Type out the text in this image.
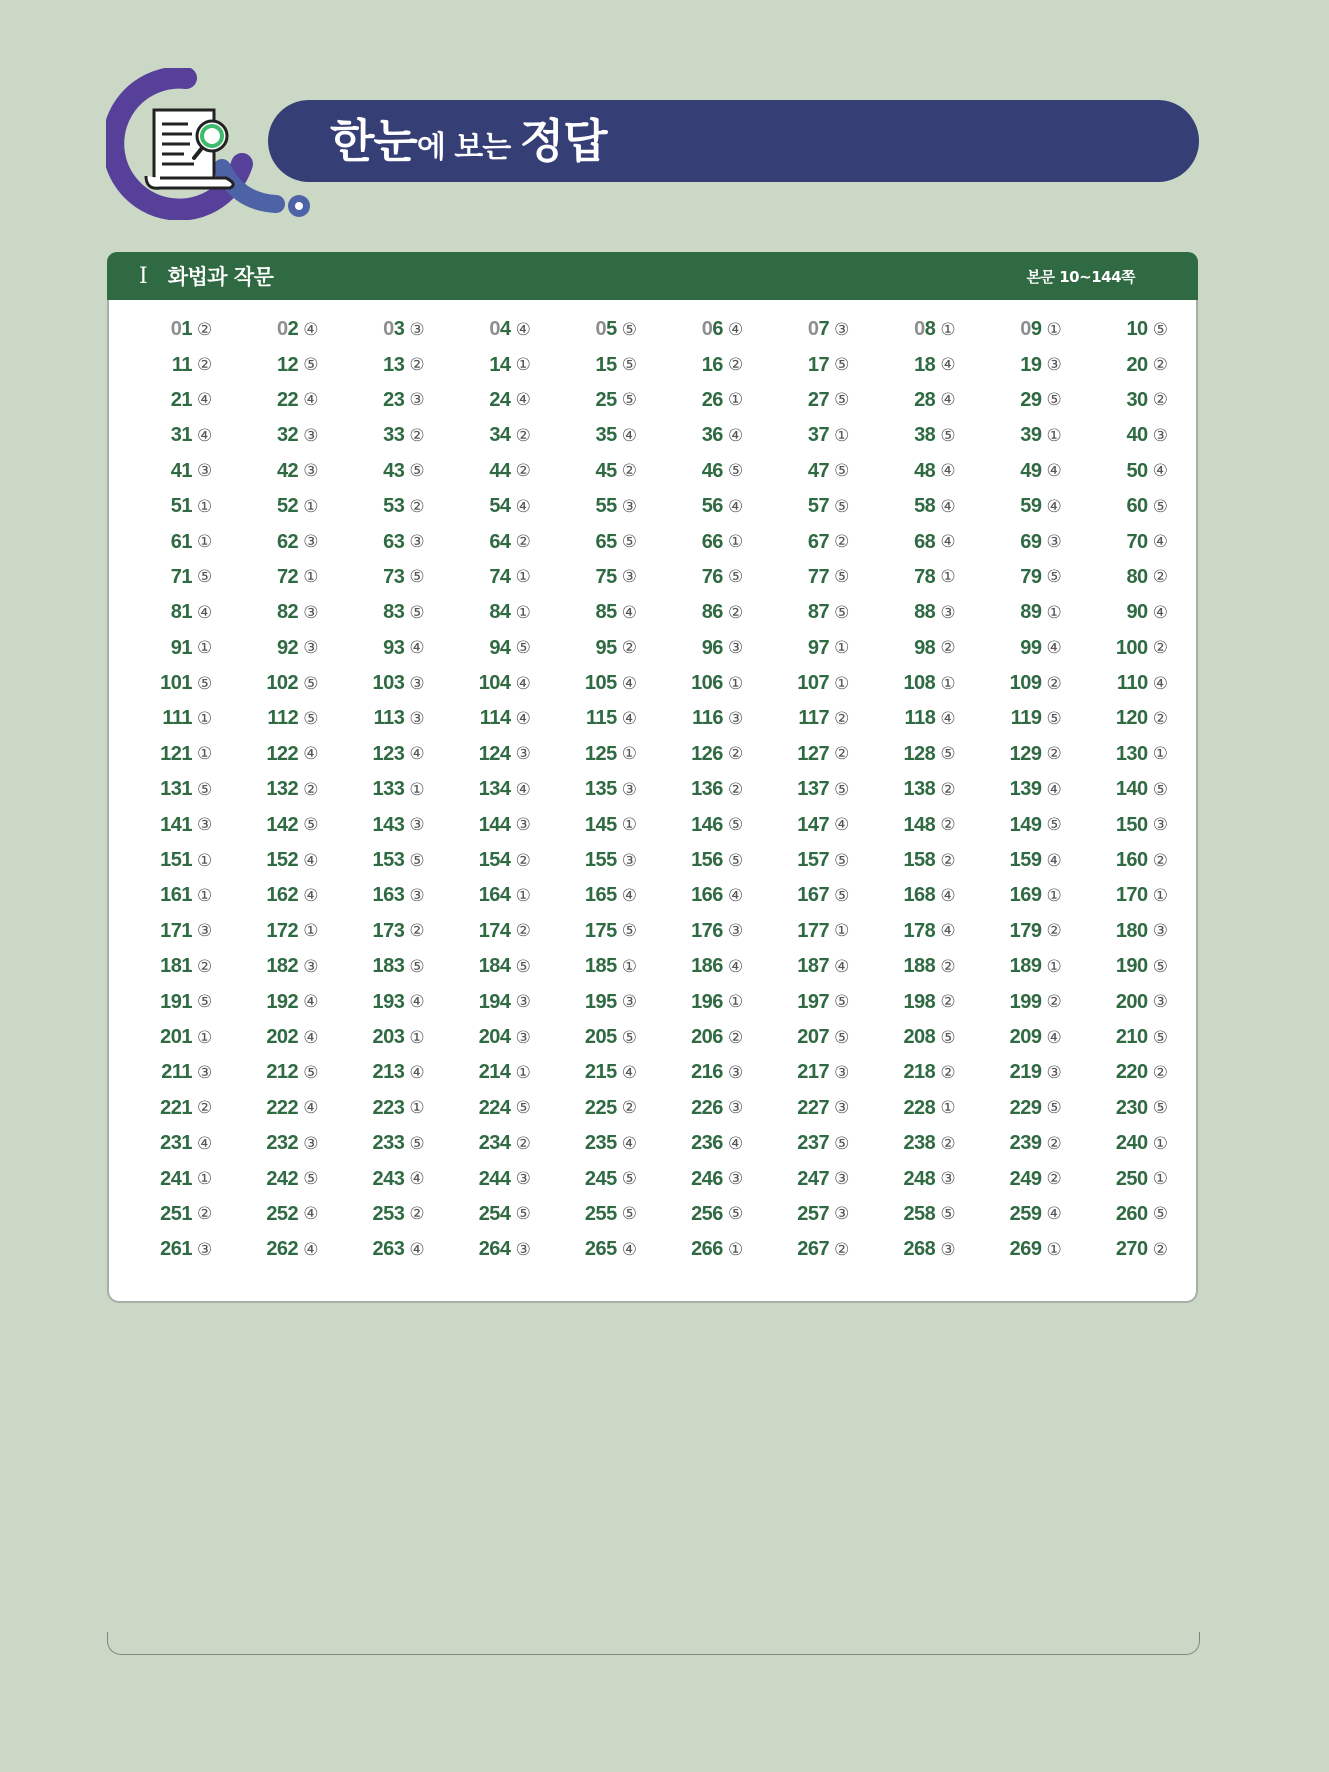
한눈에 보는 정답
Ⅰ 화법과 작문	본문 10~144쪽
01 ②	02 ④	03 ③	04 ④	05 ⑤	06 ④	07 ③	08 ①	09 ①	10 ⑤
11 ②	12 ⑤	13 ②	14 ①	15 ⑤	16 ②	17 ⑤	18 ④	19 ③	20 ②
21 ④	22 ④	23 ③	24 ④	25 ⑤	26 ①	27 ⑤	28 ④	29 ⑤	30 ②
31 ④	32 ③	33 ②	34 ②	35 ④	36 ④	37 ①	38 ⑤	39 ①	40 ③
41 ③	42 ③	43 ⑤	44 ②	45 ②	46 ⑤	47 ⑤	48 ④	49 ④	50 ④
51 ①	52 ①	53 ②	54 ④	55 ③	56 ④	57 ⑤	58 ④	59 ④	60 ⑤
61 ①	62 ③	63 ③	64 ②	65 ⑤	66 ①	67 ②	68 ④	69 ③	70 ④
71 ⑤	72 ①	73 ⑤	74 ①	75 ③	76 ⑤	77 ⑤	78 ①	79 ⑤	80 ②
81 ④	82 ③	83 ⑤	84 ①	85 ④	86 ②	87 ⑤	88 ③	89 ①	90 ④
91 ①	92 ③	93 ④	94 ⑤	95 ②	96 ③	97 ①	98 ②	99 ④	100 ②
101 ⑤	102 ⑤	103 ③	104 ④	105 ④	106 ①	107 ①	108 ①	109 ②	110 ④
111 ①	112 ⑤	113 ③	114 ④	115 ④	116 ③	117 ②	118 ④	119 ⑤	120 ②
121 ①	122 ④	123 ④	124 ③	125 ①	126 ②	127 ②	128 ⑤	129 ②	130 ①
131 ⑤	132 ②	133 ①	134 ④	135 ③	136 ②	137 ⑤	138 ②	139 ④	140 ⑤
141 ③	142 ⑤	143 ③	144 ③	145 ①	146 ⑤	147 ④	148 ②	149 ⑤	150 ③
151 ①	152 ④	153 ⑤	154 ②	155 ③	156 ⑤	157 ⑤	158 ②	159 ④	160 ②
161 ①	162 ④	163 ③	164 ①	165 ④	166 ④	167 ⑤	168 ④	169 ①	170 ①
171 ③	172 ①	173 ②	174 ②	175 ⑤	176 ③	177 ①	178 ④	179 ②	180 ③
181 ②	182 ③	183 ⑤	184 ⑤	185 ①	186 ④	187 ④	188 ②	189 ①	190 ⑤
191 ⑤	192 ④	193 ④	194 ③	195 ③	196 ①	197 ⑤	198 ②	199 ②	200 ③
201 ①	202 ④	203 ①	204 ③	205 ⑤	206 ②	207 ⑤	208 ⑤	209 ④	210 ⑤
211 ③	212 ⑤	213 ④	214 ①	215 ④	216 ③	217 ③	218 ②	219 ③	220 ②
221 ②	222 ④	223 ①	224 ⑤	225 ②	226 ③	227 ③	228 ①	229 ⑤	230 ⑤
231 ④	232 ③	233 ⑤	234 ②	235 ④	236 ④	237 ⑤	238 ②	239 ②	240 ①
241 ①	242 ⑤	243 ④	244 ③	245 ⑤	246 ③	247 ③	248 ③	249 ②	250 ①
251 ②	252 ④	253 ②	254 ⑤	255 ⑤	256 ⑤	257 ③	258 ⑤	259 ④	260 ⑤
261 ③	262 ④	263 ④	264 ③	265 ④	266 ①	267 ②	268 ③	269 ①	270 ②
